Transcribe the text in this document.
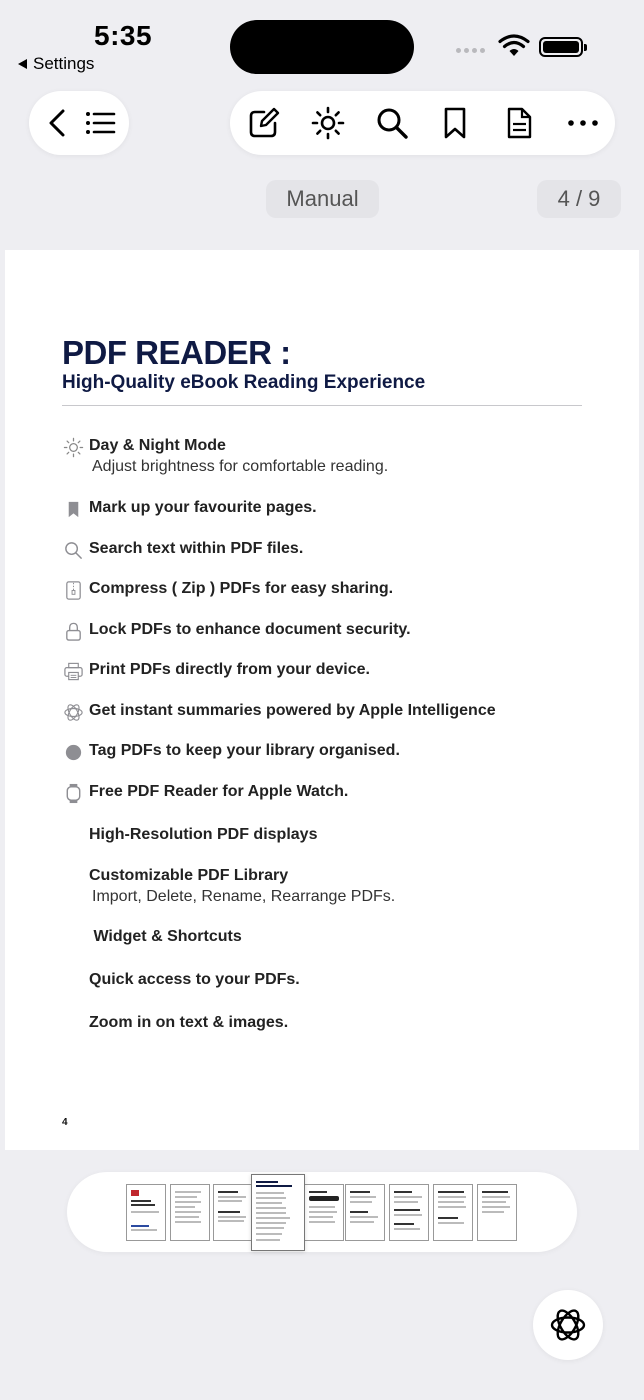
5:35
Settings
Manual	4 / 9
PDF READER :
High-Quality eBook Reading Experience
Day & Night Mode
Adjust brightness for comfortable reading.
Mark up your favourite pages.
Search text within PDF files.
Compress ( Zip ) PDFs for easy sharing.
Lock PDFs to enhance document security.
Print PDFs directly from your device.
Get instant summaries powered by Apple Intelligence
Tag PDFs to keep your library organised.
Free PDF Reader for Apple Watch.
High-Resolution PDF displays
Customizable PDF Library
Import, Delete, Rename, Rearrange PDFs.
Widget & Shortcuts
Quick access to your PDFs.
Zoom in on text & images.
4
